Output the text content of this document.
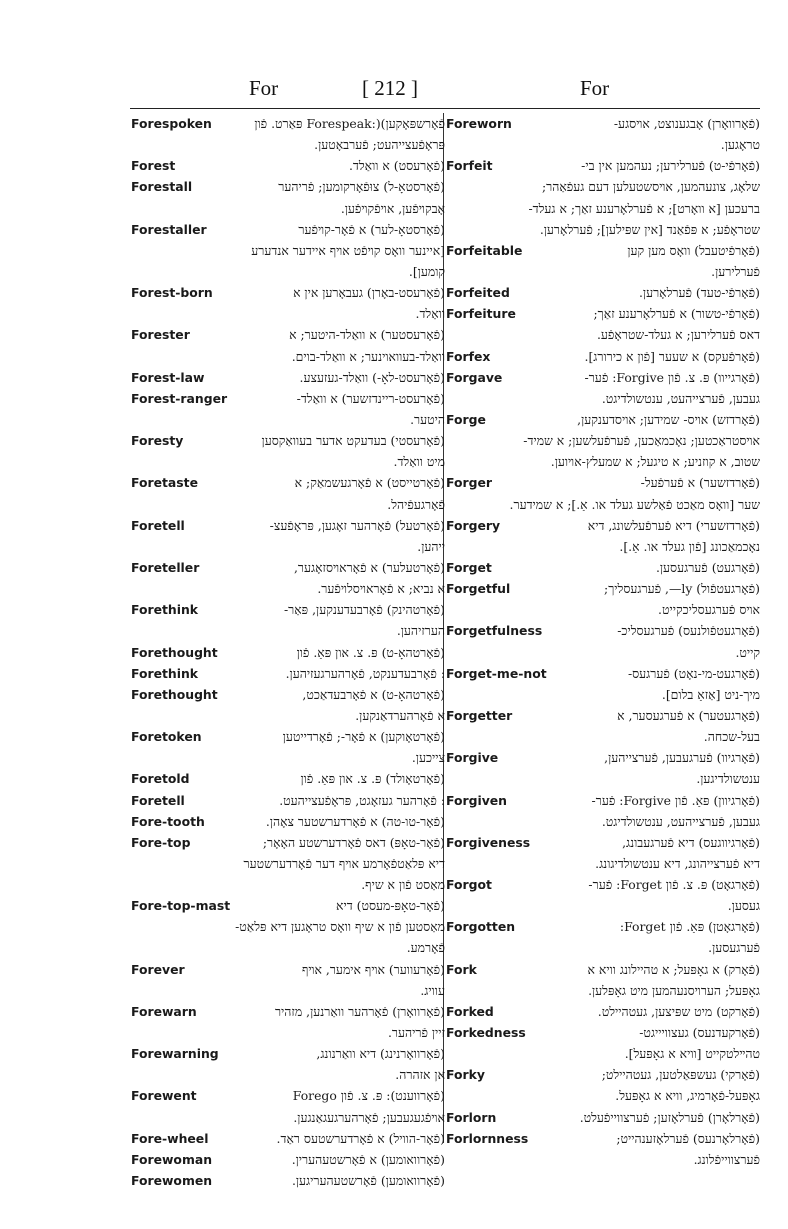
For	[ 212 ]	For
Forespoken	פֿאָרשפּאָקען)(:Forespeak פּאַרט. פֿון
פּראָפֿעצייהעט; פֿערבאָטען.
Forest	(פֿאָרעסט) א וואַלד.
Forestall	(פֿאָרסטאָ-ל) צוּפֿאָרקומען; פֿריהער
אָבקױפֿען, אױפֿקױפֿען.
Forestaller	(פֿאָרסטאָ-לער) א פֿאָר-קױפֿער
[איינער וואָס קױפֿט אױף איידער אנדערע
קומען].
Forest-born	(פֿאָרעסט-באָרן) געבאָרען אין א
וואַלד.
Forester	(פֿאָרעסטער) א וואַלד-היטער; א
וואַלד-בעוואוינער; א וואַלד-בוים.
Forest-law	(פֿאָרעסט-לאָ-) וואַלד-געזעצע.
Forest-ranger	(פֿאָרעסט-ריינדזשער) א וואַלד-
היטער.
Foresty	(פֿאָרעסטי) בעדעקט אדער בעוואַקסען
מיט וואַלד.
Foretaste	(פֿאָרטייסט) א פֿאָרגעשמאַק; א
פֿאָרגעפֿיהל.
Foretell	(פֿאָרטעל) פֿאָרהער זאָגען, פּראָפֿעצ-
ייהען.
Foreteller	(פֿאָרטעלער) א פֿאָראױסזאָגער,
א נביא; א פֿאָראױסלױפֿער.
Forethink	(פֿאָרטהינק) פֿאָרבעדענקען, פּאַר-
הערזיהען.
Forethought	(פֿאָרטהאָ-ט) פּ. צ. און פּאַ. פֿון
Forethink	: פֿאָרבעדענקט, פֿאָרהערגעזיהען.
Forethought	(פֿאָרטהאָ-ט) א פֿאָרבעדאַכט,
א פֿאָרהערדאַנקען.
Foretoken	(פֿאָרטאָוקען) א פֿאָר-; פֿאָרדייטען
צייכען.
Foretold	(פֿאָרטאָולד) פּ. צ. און פּאַ. פֿון
Foretell	: פֿאָרהער געזאָגט, פּראָפֿעצייהעט.
Fore-tooth	(פֿאָר-טו-טה) א פֿאָרדערשטער צאָהן.
Fore-top	(פֿאָר-טאָפּ) דאס פֿאָרדערשטע האָאָר;
דיא פּלאַטפֿאָרמע אױף דער פֿאָרדערשטער
מאַסט פֿון א שיף.
Fore-top-mast	(פֿאָר-טאָפּ-מעסט) דיא
מאַסטען פֿון א שיף וואָס טראָגען דיא פּלאַט-
פֿאָרמע.
Forever	(פֿאָרעווער) אױף אימער, אױף
עוויג.
Forewarn	(פֿאָרוואָרן) פֿאָרהער וואַרנען, מזהיר
זיין פֿריהער.
Forewarning	(פֿאָרוואָרנינג) דיא וואַרנונג,
אן אזהרה.
Forewent	(פֿאָרווענט): פּ. צ. פֿון Forego
אױפֿגעגעבען; פֿאָרהערגעגאַנגען.
Fore-wheel	(פֿאָר-הוויל) א פֿאָרדערשטעס ראַד.
Forewoman	(פֿאָרוואומען) א פֿאָרשטעהערין.
Forewomen	(פֿאָרוואומען) פֿאָרשטעהעריגען.
Foreworn	(פֿאָרוואָרן) אָבגענוצט, אױסגע-
טראָגען.
Forfeit	(פֿאָרפֿי-ט) פֿערלירען; נעהמען אין בי-
שלאָג, צונעהמען, אױסשטעלען דעם געפֿאַהר;
ברעכען [א וואָרט]; א פֿערלאָרענע זאַך; א געלד-
שטראָפֿע; א פּפֿאַנד [אין שפּילען]; פֿערלאָרען.
Forfeitable	(פֿאָרפֿיטעבל) וואָס מען קען
פֿערלירען.
Forfeited	(פֿאָרפֿי-טעד) פֿערלאָרען.
Forfeiture	(פֿאָרפֿי-טשור) א פֿערלאָרענע זאַך;
דאס פֿערלירען; א געלד-שטראָפֿע.
Forfex	(פֿאָרפֿעקס) א שעער [פֿון א כירורג].
Forgave	(פֿאָרגייוו) פּ. צ. פֿון Forgive: פֿער-
געבען, פֿערצייהעט, ענטשולדיגט.
Forge	(פֿאָרדזש) אױס- שמידען; אויסדענקען,
אױסטראַכטען; נאָכמאַכען, פֿערפֿעלשען; א שמיד-
שטוב, א קוזניע; א טיגעל; א שמעלץ-אױוען.
Forger	(פֿאָרדזשער) א פֿערפֿעל-
שער [וואָס מאַכט פֿאַלשע געלד או. אַ.]; א שמידער.
Forgery	(פֿאָרדזשערי) דיא פֿערפֿעלשונג, דיא
נאָכמאַכונג [פֿון געלד או. אַ.].
Forget	(פֿאָרגעט) פֿערגעסען.
Forgetful	(פֿאָרגעטפֿול) ly—, פֿערגעסליך;
אױס פֿערגעסליכקייט.
Forgetfulness	(פֿאָרגעטפֿולנעס) פֿערגעסליכ-
קייט.
Forget-me-not	(פֿאָרגעט-מי-נאָט) פֿערגעס-
מיך-ניט [אַזאַ בלום].
Forgetter	(פֿאָרגעטער) א פֿערגעסער, א
בעל-שכחה.
Forgive	(פֿאָרגיוו) פֿערגעבען, פֿערצייהען,
ענטשולדיגען.
Forgiven	(פֿאָרגיוון) פּאַ. פֿון Forgive: פֿער-
געבען, פֿערצייהעט, ענטשולדיגט.
Forgiveness	(פֿאָרגיווגעס) דיא פֿערגעבונג,
דיא פֿערצייהונג, דיא ענטשולדיגונג.
Forgot	(פֿאָרגאָט) פּ. צ. פֿון Forget: פֿער-
געסען.
Forgotten	(פֿאָרגאָטן) פּאַ. פֿון Forget:
פֿערגעסען.
Fork	(פֿאָרק) א גאָפּעל; א טהיילונג וויא א
גאָפּעל; הערױסנעהמען מיט גאָפּלען.
Forked	(פֿאָרקט) מיט שפּיצען, געטהיילט.
Forkedness	(פֿאָרקעדנעס) געצוויייגט-
טהײלטקייט [וויא א גאָפּעל].
Forky	(פֿאָרקי) געשפּאַלטען, געטהיילט;
גאָפּעל-פֿאָרמיג, וויא א גאָפּעל.
Forlorn	(פֿאָרלאָרן) פֿערלאָזען; פֿערצווייפֿעלט.
Forlornness	(פֿאָרלאָרנעס) פֿערלאָזענהייט;
פֿערצווייפֿלונג.
